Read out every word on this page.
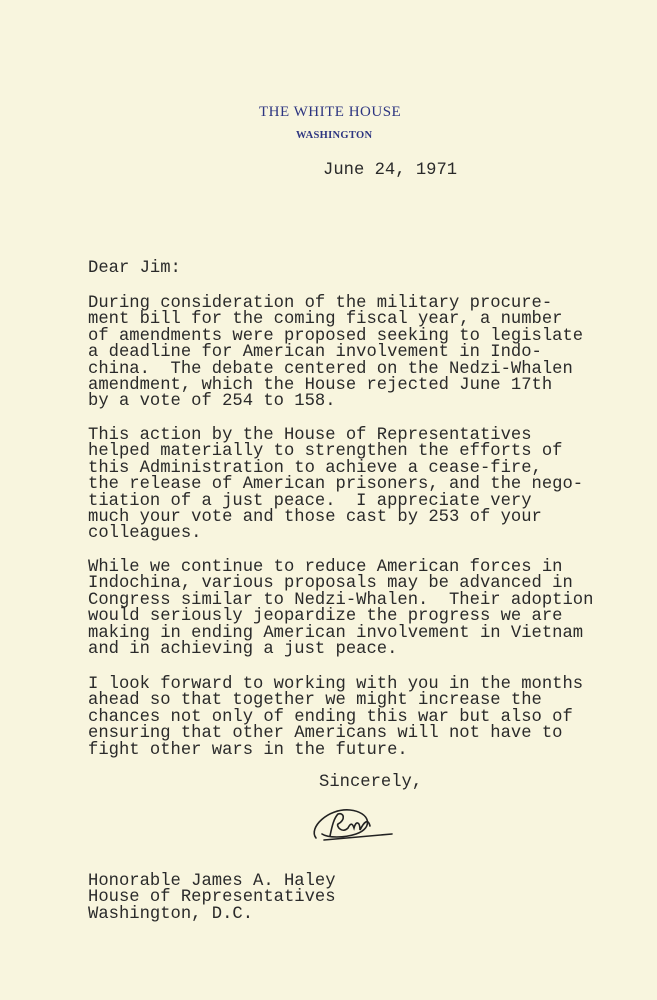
THE WHITE HOUSE
WASHINGTON
June 24, 1971
Dear Jim:
During consideration of the military procure-
ment bill for the coming fiscal year, a number
of amendments were proposed seeking to legislate
a deadline for American involvement in Indo-
china.  The debate centered on the Nedzi-Whalen
amendment, which the House rejected June 17th
by a vote of 254 to 158.
This action by the House of Representatives
helped materially to strengthen the efforts of
this Administration to achieve a cease-fire,
the release of American prisoners, and the nego-
tiation of a just peace.  I appreciate very
much your vote and those cast by 253 of your
colleagues.
While we continue to reduce American forces in
Indochina, various proposals may be advanced in
Congress similar to Nedzi-Whalen.  Their adoption
would seriously jeopardize the progress we are
making in ending American involvement in Vietnam
and in achieving a just peace.
I look forward to working with you in the months
ahead so that together we might increase the
chances not only of ending this war but also of
ensuring that other Americans will not have to
fight other wars in the future.
Sincerely,
Honorable James A. Haley
House of Representatives
Washington, D.C.
